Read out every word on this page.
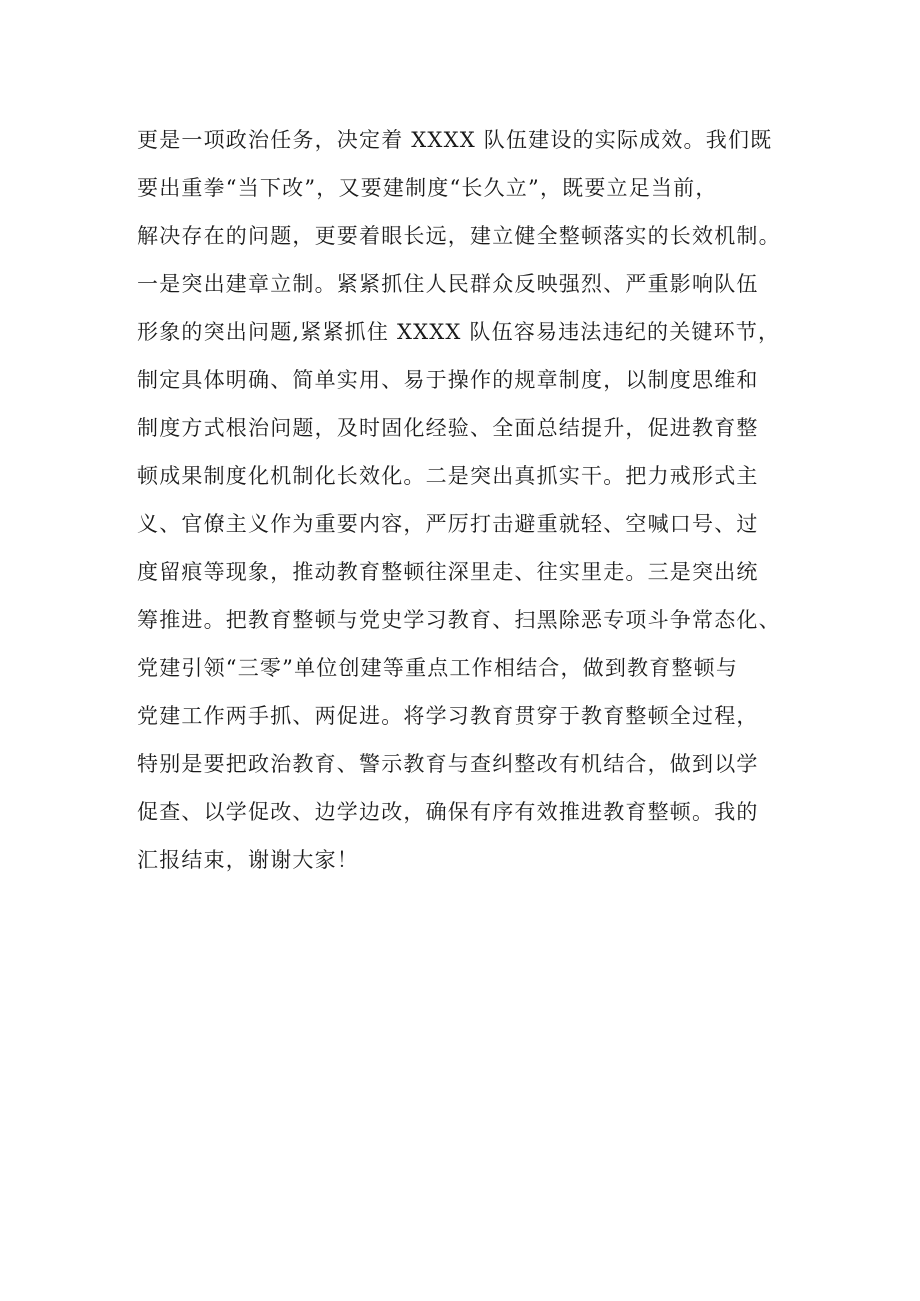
更是一项政治任务，决定着 XXXX 队伍建设的实际成效。我们既
要出重拳“当下改”，又要建制度“长久立”，既要立足当前，
解决存在的问题，更要着眼长远，建立健全整顿落实的长效机制。
一是突出建章立制。紧紧抓住人民群众反映强烈、严重影响队伍
形象的突出问题,紧紧抓住 XXXX 队伍容易违法违纪的关键环节，
制定具体明确、简单实用、易于操作的规章制度，以制度思维和
制度方式根治问题，及时固化经验、全面总结提升，促进教育整
顿成果制度化机制化长效化。二是突出真抓实干。把力戒形式主
义、官僚主义作为重要内容，严厉打击避重就轻、空喊口号、过
度留痕等现象，推动教育整顿往深里走、往实里走。三是突出统
筹推进。把教育整顿与党史学习教育、扫黑除恶专项斗争常态化、
党建引领“三零”单位创建等重点工作相结合，做到教育整顿与
党建工作两手抓、两促进。将学习教育贯穿于教育整顿全过程，
特别是要把政治教育、警示教育与查纠整改有机结合，做到以学
促查、以学促改、边学边改，确保有序有效推进教育整顿。我的
汇报结束，谢谢大家！
